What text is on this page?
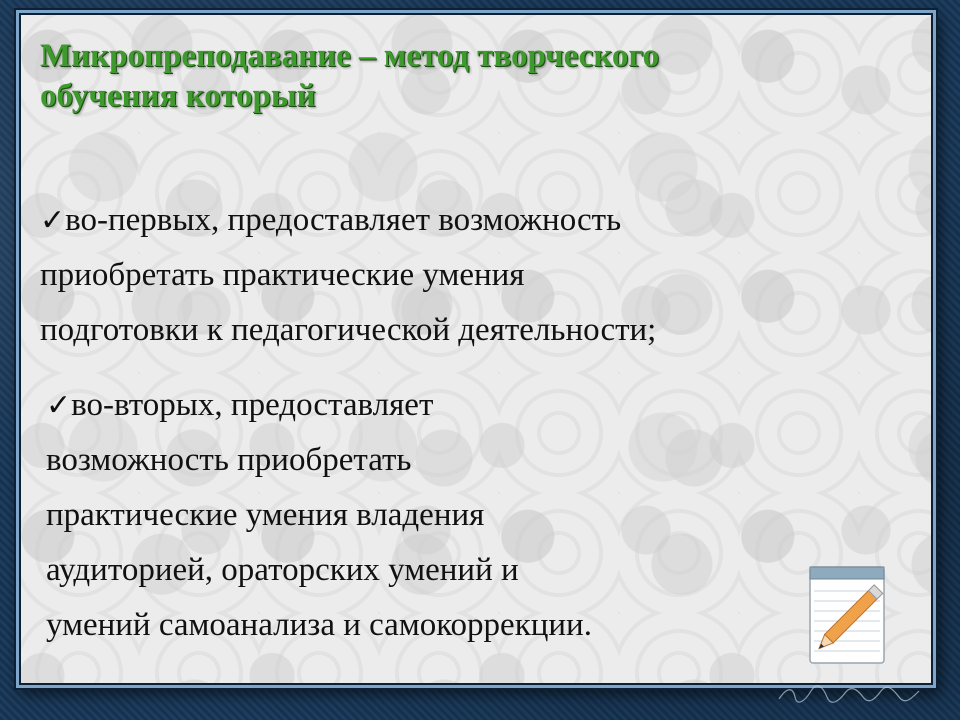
Микропреподавание – метод творческого
обучения который

✓во-первых, предоставляет возможность
приобретать практические умения
подготовки к педагогической деятельности;

✓во-вторых, предоставляет
возможность приобретать
практические умения владения
аудиторией, ораторских умений и
умений самоанализа и самокоррекции.
